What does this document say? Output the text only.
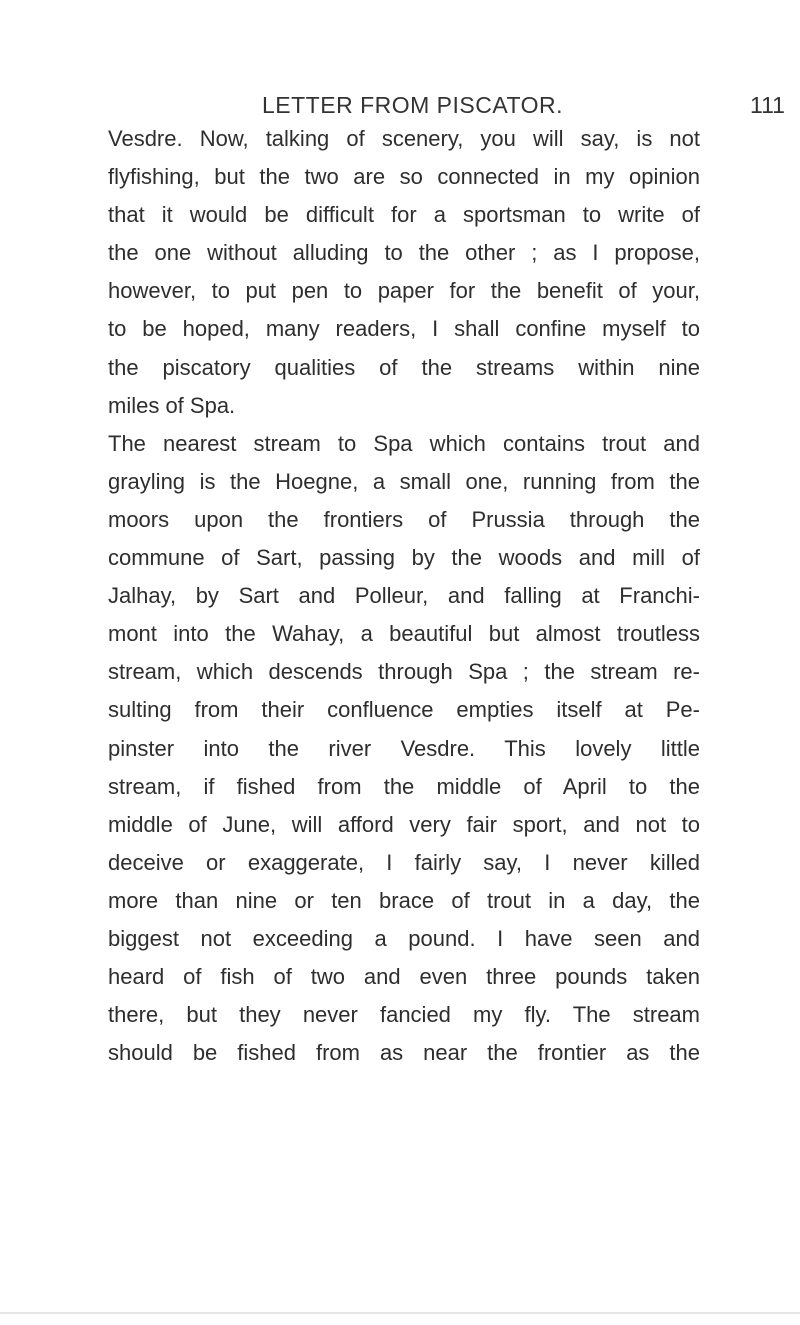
LETTER FROM PISCATOR.	111
Vesdre. Now, talking of scenery, you will say, is not
flyfishing, but the two are so connected in my opinion
that it would be difficult for a sportsman to write of
the one without alluding to the other ; as I propose,
however, to put pen to paper for the benefit of your,
to be hoped, many readers, I shall confine myself to
the piscatory qualities of the streams within nine
miles of Spa.
The nearest stream to Spa which contains trout and
grayling is the Hoegne, a small one, running from the
moors upon the frontiers of Prussia through the
commune of Sart, passing by the woods and mill of
Jalhay, by Sart and Polleur, and falling at Franchi-
mont into the Wahay, a beautiful but almost troutless
stream, which descends through Spa ; the stream re-
sulting from their confluence empties itself at Pe-
pinster into the river Vesdre. This lovely little
stream, if fished from the middle of April to the
middle of June, will afford very fair sport, and not to
deceive or exaggerate, I fairly say, I never killed
more than nine or ten brace of trout in a day, the
biggest not exceeding a pound. I have seen and
heard of fish of two and even three pounds taken
there, but they never fancied my fly. The stream
should be fished from as near the frontier as the
